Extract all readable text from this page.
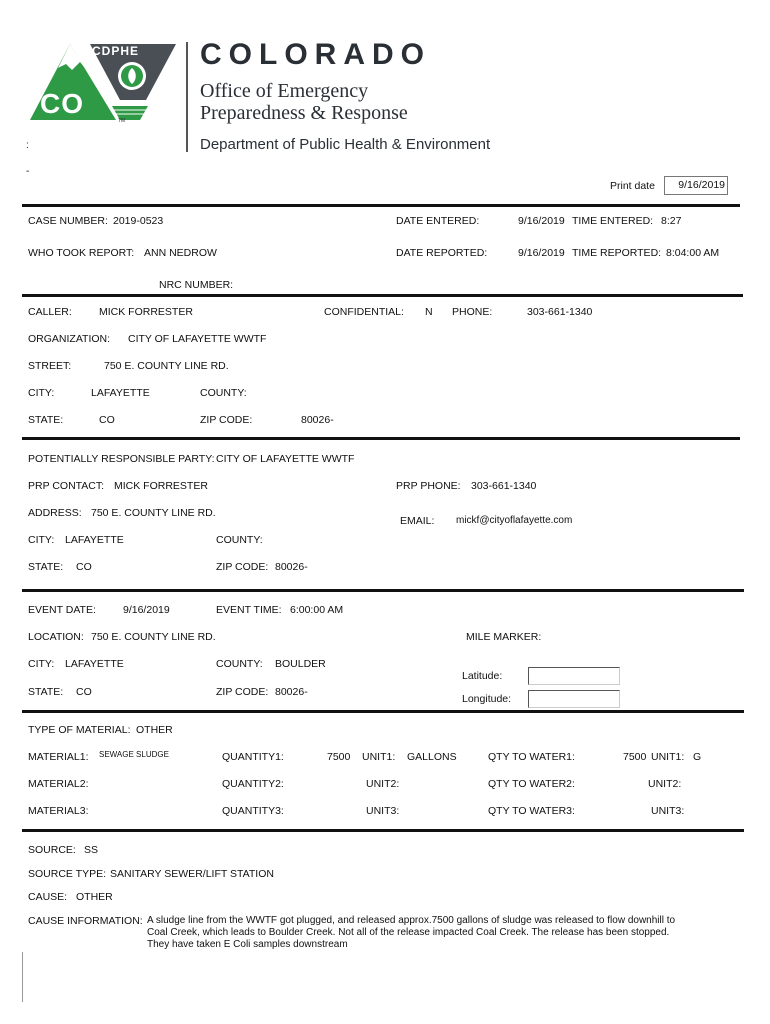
CO
CDPHE
TM
COLORADO
Office of Emergency
Preparedness & Response
Department of Public Health & Environment
:
-
Print date 9/16/2019
CASE NUMBER: 2019-0523	DATE ENTERED:	9/16/2019 TIME ENTERED: 8:27
WHO TOOK REPORT: ANN NEDROW	DATE REPORTED:	9/16/2019 TIME REPORTED: 8:04:00 AM
NRC NUMBER:
CALLER:	MICK FORRESTER	CONFIDENTIAL: N PHONE:	303-661-1340
ORGANIZATION: CITY OF LAFAYETTE WWTF
STREET:	750 E. COUNTY LINE RD.
CITY:	LAFAYETTE	COUNTY:
STATE:	CO	ZIP CODE:	80026-
POTENTIALLY RESPONSIBLE PARTY: CITY OF LAFAYETTE WWTF
PRP CONTACT: MICK FORRESTER	PRP PHONE: 303-661-1340
ADDRESS: 750 E. COUNTY LINE RD.
EMAIL: mickf@cityoflafayette.com
CITY: LAFAYETTE	COUNTY:
STATE: CO	ZIP CODE: 80026-
EVENT DATE:	9/16/2019	EVENT TIME: 6:00:00 AM
LOCATION: 750 E. COUNTY LINE RD.	MILE MARKER:
CITY: LAFAYETTE	COUNTY: BOULDER
Latitude:
STATE: CO	ZIP CODE: 80026-
Longitude:
TYPE OF MATERIAL: OTHER
MATERIAL1: SEWAGE SLUDGE	QUANTITY1:	7500 UNIT1: GALLONS	QTY TO WATER1:	7500 UNIT1: G
MATERIAL2:	QUANTITY2:	UNIT2:	QTY TO WATER2:	UNIT2:
MATERIAL3:	QUANTITY3:	UNIT3:	QTY TO WATER3:	UNIT3:
SOURCE: SS
SOURCE TYPE: SANITARY SEWER/LIFT STATION
CAUSE: OTHER
CAUSE INFORMATION: A sludge line from the WWTF got plugged, and released approx.7500 gallons of sludge was released to flow downhill to
Coal Creek, which leads to Boulder Creek. Not all of the release impacted Coal Creek. The release has been stopped.
They have taken E Coli samples downstream
